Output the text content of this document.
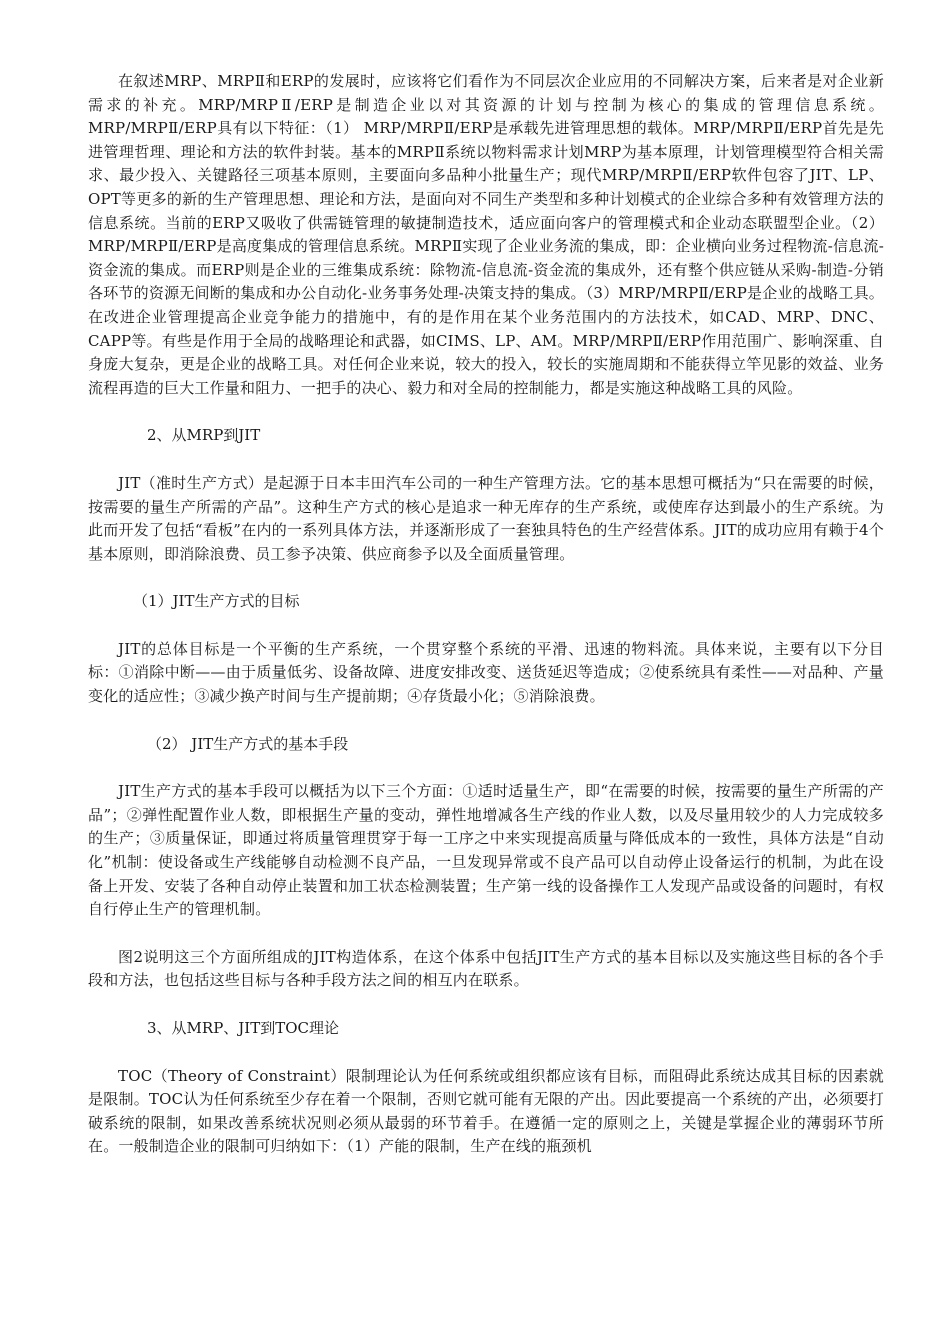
在叙述MRP、MRPⅡ和ERP的发展时，应该将它们看作为不同层次企业应用的不同解决方案，后来者是对企业新需求的补充。MRP/MRPⅡ/ERP是制造企业以对其资源的计划与控制为核心的集成的管理信息系统。MRP/MRPⅡ/ERP具有以下特征：（1） MRP/MRPⅡ/ERP是承载先进管理思想的载体。MRP/MRPⅡ/ERP首先是先进管理哲理、理论和方法的软件封装。基本的MRPⅡ系统以物料需求计划MRP为基本原理，计划管理模型符合相关需求、最少投入、关键路径三项基本原则，主要面向多品种小批量生产；现代MRP/MRPⅡ/ERP软件包容了JIT、LP、OPT等更多的新的生产管理思想、理论和方法，是面向对不同生产类型和多种计划模式的企业综合多种有效管理方法的信息系统。当前的ERP又吸收了供需链管理的敏捷制造技术，适应面向客户的管理模式和企业动态联盟型企业。（2）MRP/MRPⅡ/ERP是高度集成的管理信息系统。MRPⅡ实现了企业业务流的集成，即：企业横向业务过程物流-信息流-资金流的集成。而ERP则是企业的三维集成系统：除物流-信息流-资金流的集成外，还有整个供应链从采购-制造-分销各环节的资源无间断的集成和办公自动化-业务事务处理-决策支持的集成。（3）MRP/MRPⅡ/ERP是企业的战略工具。在改进企业管理提高企业竞争能力的措施中，有的是作用在某个业务范围内的方法技术，如CAD、MRP、DNC、CAPP等。有些是作用于全局的战略理论和武器，如CIMS、LP、AM。MRP/MRPⅡ/ERP作用范围广、影响深重、自身庞大复杂，更是企业的战略工具。对任何企业来说，较大的投入，较长的实施周期和不能获得立竿见影的效益、业务流程再造的巨大工作量和阻力、一把手的决心、毅力和对全局的控制能力，都是实施这种战略工具的风险。

2、从MRP到JIT

JIT（准时生产方式）是起源于日本丰田汽车公司的一种生产管理方法。它的基本思想可概括为“只在需要的时候，按需要的量生产所需的产品”。这种生产方式的核心是追求一种无库存的生产系统，或使库存达到最小的生产系统。为此而开发了包括“看板”在内的一系列具体方法，并逐渐形成了一套独具特色的生产经营体系。JIT的成功应用有赖于4个基本原则，即消除浪费、员工参予决策、供应商参予以及全面质量管理。

（1）JIT生产方式的目标

JIT的总体目标是一个平衡的生产系统，一个贯穿整个系统的平滑、迅速的物料流。具体来说，主要有以下分目标：①消除中断——由于质量低劣、设备故障、进度安排改变、送货延迟等造成；②使系统具有柔性——对品种、产量变化的适应性；③减少换产时间与生产提前期；④存货最小化；⑤消除浪费。

（2） JIT生产方式的基本手段

JIT生产方式的基本手段可以概括为以下三个方面：①适时适量生产，即“在需要的时候，按需要的量生产所需的产品”；②弹性配置作业人数，即根据生产量的变动，弹性地增减各生产线的作业人数，以及尽量用较少的人力完成较多的生产；③质量保证，即通过将质量管理贯穿于每一工序之中来实现提高质量与降低成本的一致性，具体方法是“自动化”机制：使设备或生产线能够自动检测不良产品，一旦发现异常或不良产品可以自动停止设备运行的机制，为此在设备上开发、安装了各种自动停止装置和加工状态检测装置；生产第一线的设备操作工人发现产品或设备的问题时，有权自行停止生产的管理机制。

图2说明这三个方面所组成的JIT构造体系，在这个体系中包括JIT生产方式的基本目标以及实施这些目标的各个手段和方法，也包括这些目标与各种手段方法之间的相互内在联系。

3、从MRP、JIT到TOC理论

TOC（Theory of Constraint）限制理论认为任何系统或组织都应该有目标，而阻碍此系统达成其目标的因素就是限制。TOC认为任何系统至少存在着一个限制，否则它就可能有无限的产出。因此要提高一个系统的产出，必须要打破系统的限制，如果改善系统状况则必须从最弱的环节着手。在遵循一定的原则之上，关键是掌握企业的薄弱环节所在。一般制造企业的限制可归纳如下：（1）产能的限制，生产在线的瓶颈机
